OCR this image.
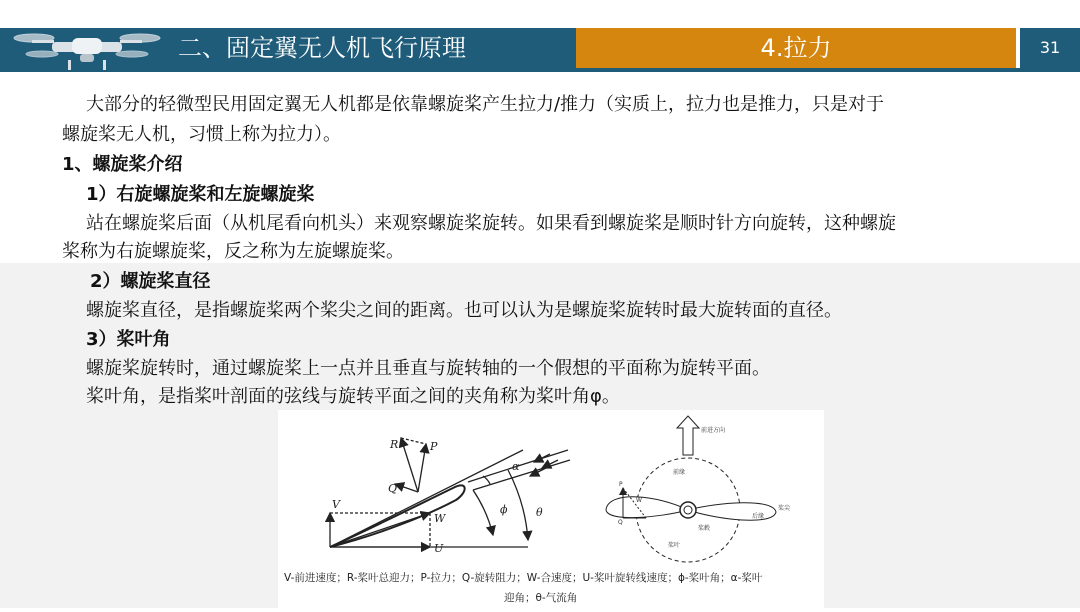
二、固定翼无人机飞行原理	4.拉力	31
大部分的轻微型民用固定翼无人机都是依靠螺旋桨产生拉力/推力（实质上，拉力也是推力，只是对于
螺旋桨无人机，习惯上称为拉力）。
1、螺旋桨介绍
1）右旋螺旋桨和左旋螺旋桨
站在螺旋桨后面（从机尾看向机头）来观察螺旋桨旋转。如果看到螺旋桨是顺时针方向旋转，这种螺旋
桨称为右旋螺旋桨，反之称为左旋螺旋桨。
2）螺旋桨直径
螺旋桨直径，是指螺旋桨两个桨尖之间的距离。也可以认为是螺旋桨旋转时最大旋转面的直径。
3）桨叶角
螺旋桨旋转时，通过螺旋桨上一点并且垂直与旋转轴的一个假想的平面称为旋转平面。
桨叶角，是指桨叶剖面的弦线与旋转平面之间的夹角称为桨叶角φ。
R	P
Q
V
W
U
α
ϕ	θ
前进方向
前缘
后缘
桨尖
桨毂
桨叶
P
Q
W
V-前进速度；R-桨叶总迎力；P-拉力；Q-旋转阻力；W-合速度；U-桨叶旋转线速度；ϕ-桨叶角；α-桨叶
迎角；θ-气流角
